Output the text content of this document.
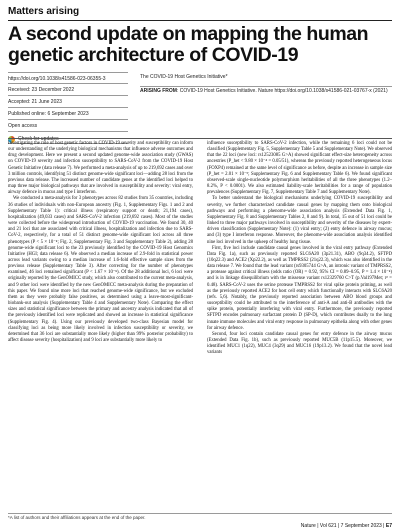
Matters arising
A second update on mapping the human genetic architecture of COVID-19
https://doi.org/10.1038/s41586-023-06355-3
Received: 23 December 2022
Accepted: 21 June 2023
Published online: 6 September 2023
Open access
Check for updates
The COVID-19 Host Genetics Initiative*
ARISING FROM: COVID-19 Host Genetics Initiative. Nature https://doi.org/10.1038/s41586-021-03767-x (2021)

Investigating the role of host genetic factors in COVID-19 severity and susceptibility can inform our understanding of the underlying biological mechanisms that influence adverse outcomes and drug development. Here we present a second updated genome-wide association study (GWAS) on COVID-19 severity and infection susceptibility to SARS-CoV-2 from the COVID-19 Host Genetic Initiative (data release 7). We performed a meta-analysis of up to 219,692 cases and over 3 million controls, identifying 51 distinct genome-wide significant loci—adding 28 loci from the previous data release. The increased number of candidate genes at the identified loci helped to map three major biological pathways that are involved in susceptibility and severity: viral entry, airway defence in mucus and type I interferon.

We conducted a meta-analysis for 3 phenotypes across 82 studies from 35 countries, including 36 studies of individuals with non-European ancestry (Fig. 1, Supplementary Figs. 1 and 2 and Supplementary Table 1): critical illness (respiratory support or death; 21,194 cases), hospitalization (49,033 cases) and SARS-CoV-2 infection (219,692 cases). Most of the studies were collected before the widespread introduction of COVID-19 vaccination. We found 30, 40 and 21 loci that are associated with critical illness, hospitalization and infection due to SARS-CoV-2, respectively, for a total of 51 distinct genome-wide significant loci across all three phenotypes (P < 5 × 10⁻⁸; Fig. 2, Supplementary Fig. 3 and Supplementary Table 2), adding 28 genome-wide significant loci to the 23 previously identified by the COVID-19 Host Genomics Initiative (HGI; data release 6). We observed a median increase of 2.9-fold in statistical power across lead variants owing to a median increase of 1.6-fold effective sample sizes from the previous release (Supplementary Table 3). After correcting for the number of phenotypes examined, 46 loci remained significant (P < 1.67 × 10⁻⁸). Of the 28 additional loci, 6 loci were originally reported by the GenOMICC study, which also contributed to the current meta-analysis, and 9 other loci were identified by the new GenOMICC meta-analysis during the preparation of this paper. We found nine more loci that reached genome-wide significance, but we excluded them as they were probably false positives, as determined using a leave-most-significant-biobank-out analysis (Supplementary Table 4 and Supplementary Note). Comparing the effect sizes and statistical significance between the primary and ancestry analysis indicated that all of the previously identified loci were replicated and showed an increase in statistical significance (Supplementary Fig. 4). Using our previously developed two-class Bayesian model for classifying loci as being more likely involved in infection susceptibility or severity, we determined that 36 loci are substantially more likely (higher than 99% posterior probability) to affect disease severity (hospitalization) and 9 loci are substantially more likely to

influence susceptibility to SARS-CoV-2 infection, while the remaining 6 loci could not be classified (Supplementary Fig. 5, Supplementary Table 5 and Supplementary Note). We observed that the 22 loci (new loci: rs12523085 G>A) showed significant effect-size heterogeneity across ancestries (P_het < 9.80 × 10⁻⁴ = 0.05/51), whereas the previously reported heterogeneous locus (FOXP4) remained at the same level of significance as before, despite an increase in sample size (P_het = 2.01 × 10⁻⁵; Supplementary Fig. 6 and Supplementary Table 6). We found significant observed-scale single-nucleotide polymorphism heritabilities of all the three phenotypes (1.2–8.2%, P < 0.0001). We also estimated liability-scale heritabilities for a range of population prevalences (Supplementary Fig. 7, Supplementary Table 7 and Supplementary Note).

To better understand the biological mechanisms underlying COVID-19 susceptibility and severity, we further characterized candidate causal genes by mapping them onto biological pathways and performing a phenome-wide association analysis (Extended Data Fig. 1, Supplementary Fig. 8 and Supplementary Tables 2, 8 and 9). In total, 15 out of 51 loci could be linked to three major pathways involved in susceptibility and severity of the diseases by expert-driven classification (Supplementary Note): (1) viral entry; (2) entry defence in airway mucus; and (3) type I interferon response. Moreover, the phenome-wide association analysis identified nine loci involved in the upkeep of healthy lung tissue.

First, five loci include candidate causal genes involved in the viral entry pathway (Extended Data Fig. 1a), such as previously reported SLC6A20 (3p21.31), ABO (9q34.2), SFTPD (10q22.3) and ACE2 (Xp22.2), as well as TMPRSS2 (21q22.3), which was also identified in the data release 7. We found that the lead variant (rs9305744 G>A, an intronic variant of TMPRSS2, a protease against critical illness (odds ratio (OR) = 0.92, 95% CI = 0.89–0.95, P = 1.4 × 10⁻⁸) and is in linkage disequilibrium with the missense variant rs12329760 C>T (p.Val197Met; r² = 0.48). SARS-CoV-2 uses the serine protease TMPRSS2 for viral spike protein priming, as well as the previously reported ACE2 for host cell entry which functionally interacts with SLC6A20 (refs. 5,6). Notably, the previously reported association between ABO blood groups and susceptibility could be attributed to the interference of anti-A and anti-B antibodies with the spike protein, potentially interfering with viral entry. Furthermore, the previously reported SFTPD encodes pulmonary surfactant protein D (SP-D), which contributes dually to the lung innate immune molecules and viral entry response in pulmonary epithelia along with other genes for airway defence.

Second, four loci contain candidate causal genes for entry defence in the airway mucus (Extended Data Fig. 1b), such as previously reported MUC5B (11p15.5). Moreover, we identified MUC1 (1q22), MUC4 (3q29) and MUC16 (19p13.2). We found that the novel lead variants

*A list of authors and their affiliations appears at the end of the paper.
Nature | Vol 621 | 7 September 2023 | E7
